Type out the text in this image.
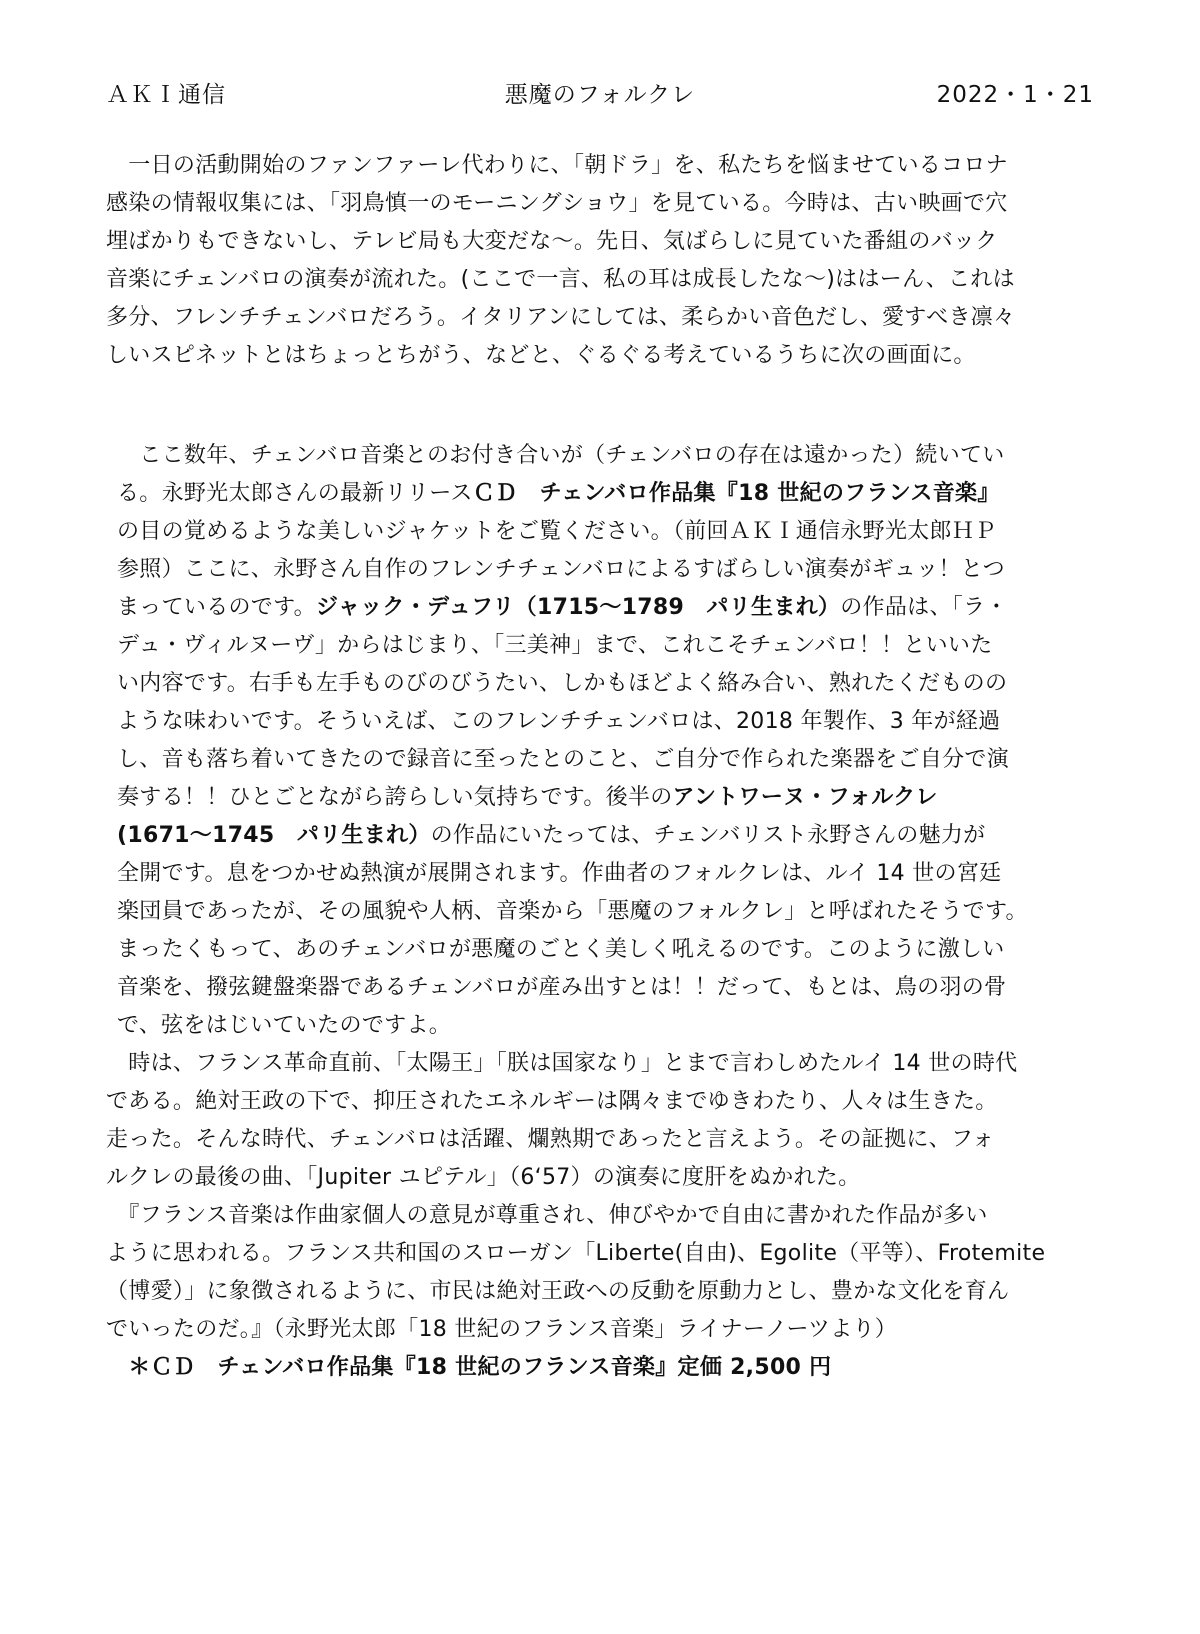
ＡＫＩ通信	悪魔のフォルクレ	2022・1・21
　一日の活動開始のファンファーレ代わりに、「朝ドラ」を、私たちを悩ませているコロナ
感染の情報収集には、「羽鳥慎一のモーニングショウ」を見ている。今時は、古い映画で穴
埋ばかりもできないし、テレビ局も大変だな～。先日、気ばらしに見ていた番組のバック
音楽にチェンバロの演奏が流れた。(ここで一言、私の耳は成長したな～)ははーん、これは
多分、フレンチチェンバロだろう。イタリアンにしては、柔らかい音色だし、愛すべき凛々
しいスピネットとはちょっとちがう、などと、ぐるぐる考えているうちに次の画面に。
　ここ数年、チェンバロ音楽とのお付き合いが（チェンバロの存在は遠かった）続いてい
る。永野光太郎さんの最新リリースＣＤ　チェンバロ作品集『18 世紀のフランス音楽』
の目の覚めるような美しいジャケットをご覧ください。（前回ＡＫＩ通信永野光太郎ＨＰ
参照）ここに、永野さん自作のフレンチチェンバロによるすばらしい演奏がギュッ！とつ
まっているのです。ジャック・デュフリ（1715～1789　パリ生まれ）の作品は、「ラ・
デュ・ヴィルヌーヴ」からはじまり、「三美神」まで、これこそチェンバロ！！といいた
い内容です。右手も左手ものびのびうたい、しかもほどよく絡み合い、熟れたくだものの
ような味わいです。そういえば、このフレンチチェンバロは、2018 年製作、3 年が経過
し、音も落ち着いてきたので録音に至ったとのこと、ご自分で作られた楽器をご自分で演
奏する！！ひとごとながら誇らしい気持ちです。後半のアントワーヌ・フォルクレ
(1671～1745　パリ生まれ）の作品にいたっては、チェンバリスト永野さんの魅力が
全開です。息をつかせぬ熱演が展開されます。作曲者のフォルクレは、ルイ 14 世の宮廷
楽団員であったが、その風貌や人柄、音楽から「悪魔のフォルクレ」と呼ばれたそうです。
まったくもって、あのチェンバロが悪魔のごとく美しく吼えるのです。このように激しい
音楽を、撥弦鍵盤楽器であるチェンバロが産み出すとは！！だって、もとは、鳥の羽の骨
で、弦をはじいていたのですよ。
　時は、フランス革命直前、「太陽王」「朕は国家なり」とまで言わしめたルイ 14 世の時代
である。絶対王政の下で、抑圧されたエネルギーは隅々までゆきわたり、人々は生きた。
走った。そんな時代、チェンバロは活躍、爛熟期であったと言えよう。その証拠に、フォ
ルクレの最後の曲、「Jupiter ユピテル」（6‘57）の演奏に度肝をぬかれた。
　『フランス音楽は作曲家個人の意見が尊重され、伸びやかで自由に書かれた作品が多い
ように思われる。フランス共和国のスローガン「Liberte(自由)、Egolite（平等）、Frotemite
（博愛）」に象徴されるように、市民は絶対王政への反動を原動力とし、豊かな文化を育ん
でいったのだ。』（永野光太郎「18 世紀のフランス音楽」ライナーノーツより）
　＊ＣＤ　チェンバロ作品集『18 世紀のフランス音楽』定価 2,500 円
